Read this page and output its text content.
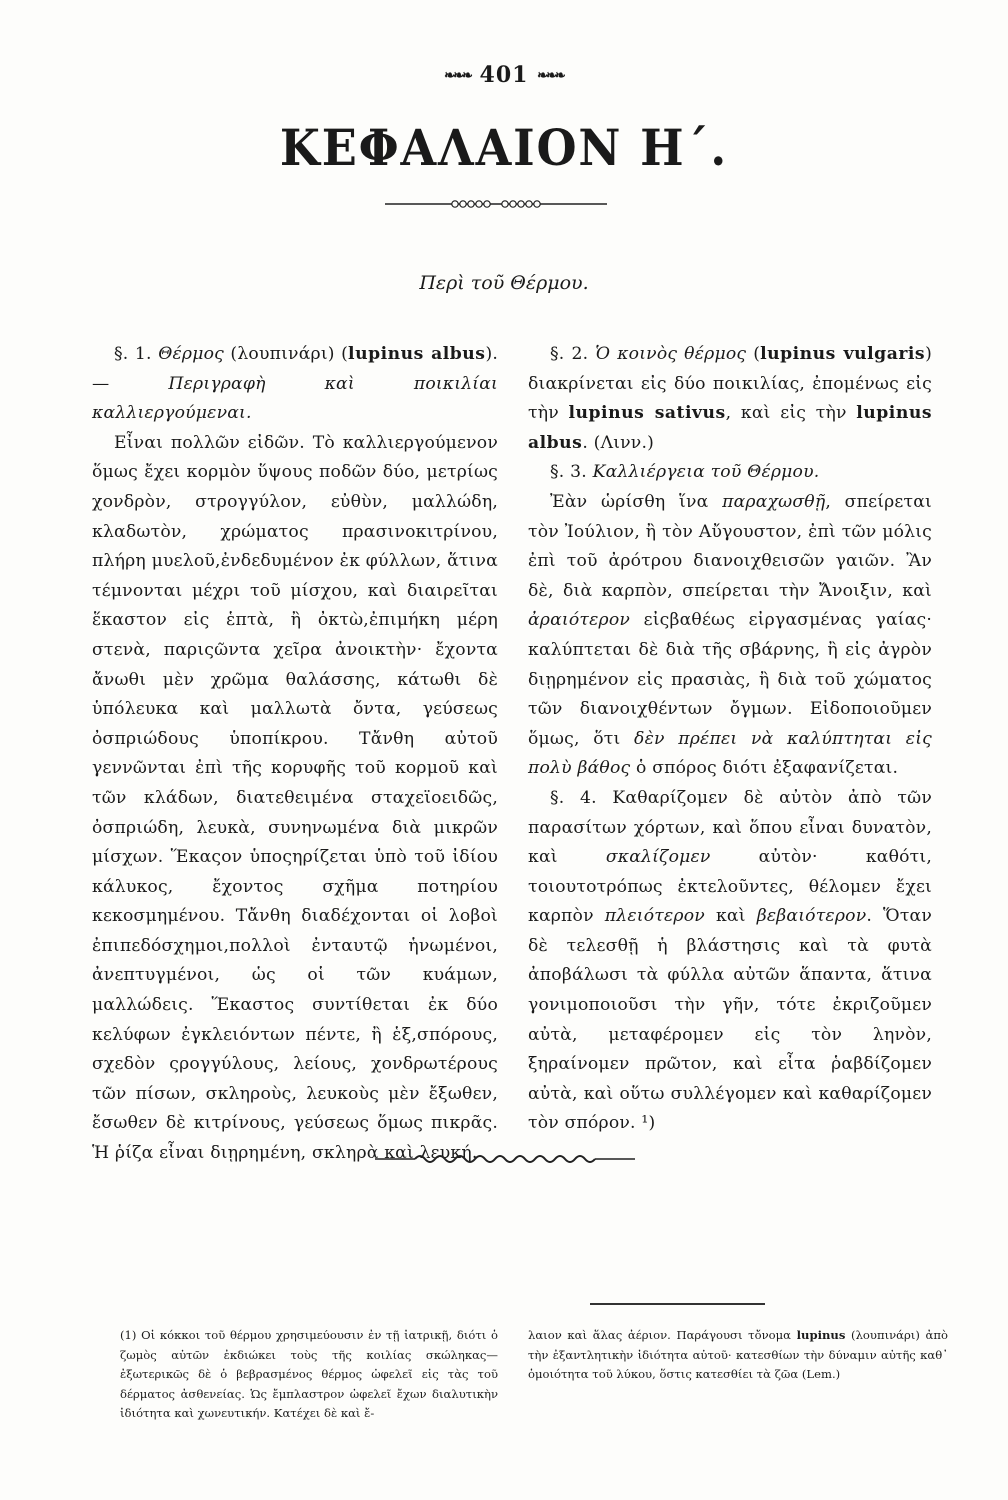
❧❧❧ 401 ❧❧❧
ΚΕΦΑΛΑΙΟΝ Η΄.
Περὶ τοῦ Θέρμου.

§. 1. Θέρμος (λουπινάρι) (lupinus albus).— Περιγραφὴ καὶ ποικιλίαι καλλιεργούμεναι.

Εἶναι πολλῶν εἰδῶν. Τὸ καλλιεργούμενον ὅμως ἔχει κορμὸν ὕψους ποδῶν δύο, μετρίως χονδρὸν, στρογγύλον, εὐθὺν, μαλλώδη, κλαδωτὸν, χρώματος πρασινοκιτρίνου, πλήρη μυελοῦ,ἐνδεδυμένον ἐκ φύλλων, ἅτινα τέμνονται μέχρι τοῦ μίσχου, καὶ διαιρεῖται ἕκαστον εἰς ἑπτὰ, ἢ ὀκτὼ,ἐπιμήκη μέρη στενὰ, παριςῶντα χεῖρα ἀνοικτὴν· ἔχοντα ἄνωθι μὲν χρῶμα θαλάσσης, κάτωθι δὲ ὑπόλευκα καὶ μαλλωτὰ ὄντα, γεύσεως ὀσπριώδους ὑποπίκρου. Τἄνθη αὐτοῦ γεννῶνται ἐπὶ τῆς κορυφῆς τοῦ κορμοῦ καὶ τῶν κλάδων, διατεθειμένα σταχεϊοειδῶς, ὀσπριώδη, λευκὰ, συνηνωμένα διὰ μικρῶν μίσχων. Ἕκαςον ὑποςηρίζεται ὑπὸ τοῦ ἰδίου κάλυκος, ἔχοντος σχῆμα ποτηρίου κεκοσμημένου. Τἄνθη διαδέχονται οἱ λοβοὶ ἐπιπεδόσχημοι,πολλοὶ ἐνταυτῷ ἡνωμένοι, ἀνεπτυγμένοι, ὡς οἱ τῶν κυάμων, μαλλώδεις. Ἕκαστος συντίθεται ἐκ δύο κελύφων ἐγκλειόντων πέντε, ἢ ἑξ,σπόρους, σχεδὸν ςρογγύλους, λείους, χονδρωτέρους τῶν πίσων, σκληροὺς, λευκοὺς μὲν ἔξωθεν, ἔσωθεν δὲ κιτρίνους, γεύσεως ὅμως πικρᾶς. Ἡ ῥίζα εἶναι διῃρημένη, σκληρὰ καὶ λευκή.

§. 2. Ὁ κοινὸς θέρμος (lupinus vulgaris) διακρίνεται εἰς δύο ποικιλίας, ἐπομένως εἰς τὴν lupinus sativus, καὶ εἰς τὴν lupinus albus. (Λινν.)

§. 3. Καλλιέργεια τοῦ Θέρμου.

Ἐὰν ὡρίσθη ἵνα παραχωσθῇ, σπείρεται τὸν Ἰούλιον, ἢ τὸν Αὔγουστον, ἐπὶ τῶν μόλις ἐπὶ τοῦ ἀρότρου διανοιχθεισῶν γαιῶν. Ἂν δὲ, διὰ καρπὸν, σπείρεται τὴν Ἄνοιξιν, καὶ ἀραιότερον εἰςβαθέως εἰργασμένας γαίας· καλύπτεται δὲ διὰ τῆς σβάρνης, ἢ εἰς ἀγρὸν διῃρημένον εἰς πρασιὰς, ἢ διὰ τοῦ χώματος τῶν διανοιχθέντων ὄγμων. Εἰδοποιοῦμεν ὅμως, ὅτι δὲν πρέπει νὰ καλύπτηται εἰς πολὺ βάθος ὁ σπόρος διότι ἐξαφανίζεται.

§. 4. Καθαρίζομεν δὲ αὐτὸν ἀπὸ τῶν παρασίτων χόρτων, καὶ ὅπου εἶναι δυνατὸν, καὶ σκαλίζομεν αὐτὸν· καθότι, τοιουτοτρόπως ἐκτελοῦντες, θέλομεν ἔχει καρπὸν πλειότερον καὶ βεβαιότερον. Ὅταν δὲ τελεσθῇ ἡ βλάστησις καὶ τὰ φυτὰ ἀποβάλωσι τὰ φύλλα αὐτῶν ἅπαντα, ἅτινα γονιμοποιοῦσι τὴν γῆν, τότε ἐκριζοῦμεν αὐτὰ, μεταφέρομεν εἰς τὸν ληνὸν, ξηραίνομεν πρῶτον, καὶ εἶτα ῥαβδίζομεν αὐτὰ, καὶ οὕτω συλλέγομεν καὶ καθαρίζομεν τὸν σπόρον. ¹)

(1) Οἱ κόκκοι τοῦ θέρμου χρησιμεύουσιν ἐν τῇ ἰατρικῇ, διότι ὁ ζωμὸς αὐτῶν ἐκδιώκει τοὺς τῆς κοιλίας σκώληκας—ἐξωτερικῶς δὲ ὁ βεβρασμένος θέρμος ὠφελεῖ εἰς τὰς τοῦ δέρματος ἀσθενείας. Ὡς ἔμπλαστρον ὠφελεῖ ἔχων διαλυτικὴν ἰδιότητα καὶ χωνευτικήν. Κατέχει δὲ καὶ ἔ-

λαιον καὶ ἅλας ἀέριον. Παράγουσι τὄνομα lupinus (λουπινάρι) ἀπὸ τὴν ἐξαντλητικὴν ἰδιότητα αὐτοῦ· κατεσθίων τὴν δύναμιν αὐτῆς καθ᾽ ὁμοιότητα τοῦ λύκου, ὅστις κατεσθίει τὰ ζῶα (Lem.)
